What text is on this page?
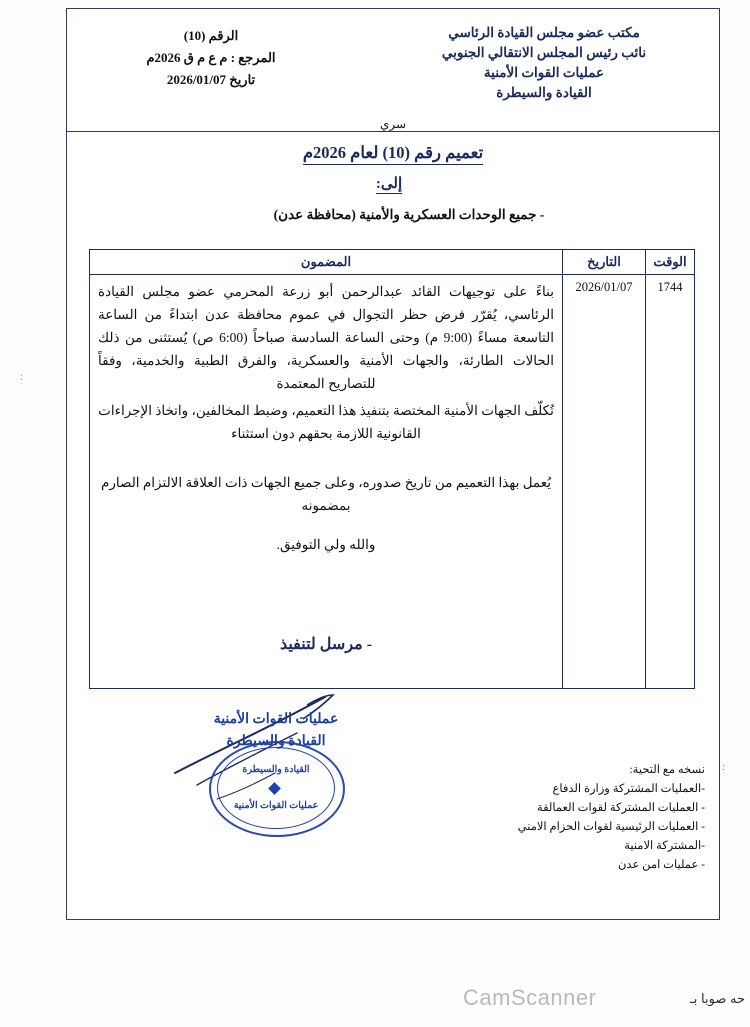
مكتب عضو مجلس القيادة الرئاسي
نائب رئيس المجلس الانتقالي الجنوبي
عمليات القوات الأمنية
القيادة والسيطرة
الرقم (10)
المرجع : م ع م ق 2026م
تاريخ 2026/01/07
سري
تعميم رقم (10) لعام 2026م
إلى:
- جميع الوحدات العسكرية والأمنية (محافظة عدن)
الوقت	التاريخ	المضمون
1744	2026/01/07	بناءً على توجيهات القائد عبدالرحمن أبو زرعة المحرمي عضو مجلس القيادة الرئاسي، يُقرّر فرض حظر التجوال في عموم محافظة عدن ابتداءً من الساعة التاسعة مساءً (9:00 م) وحتى الساعة السادسة صباحاً (6:00 ص) يُستثنى من ذلك الحالات الطارئة، والجهات الأمنية والعسكرية، والفرق الطبية والخدمية، وفقاً للتصاريح المعتمدة

تُكلّف الجهات الأمنية المختصة بتنفيذ هذا التعميم، وضبط المخالفين، واتخاذ الإجراءات القانونية اللازمة بحقهم دون استثناء

يُعمل بهذا التعميم من تاريخ صدوره، وعلى جميع الجهات ذات العلاقة الالتزام الصارم بمضمونه

والله ولي التوفيق.

- مرسل لتنفيذ

عمليات القوات الأمنية
القيادة والسيطرة
القيادة والسيطرة
عمليات القوات الأمنية
نسخه مع التحية:
-العمليات المشتركة وزارة الدفاع
- العمليات المشتركة لقوات العمالقة
- العمليات الرئيسية لقوات الحزام الامني
-المشتركة الامنية
- عمليات امن عدن
:
:
CamScanner	حه صوبا بـ
